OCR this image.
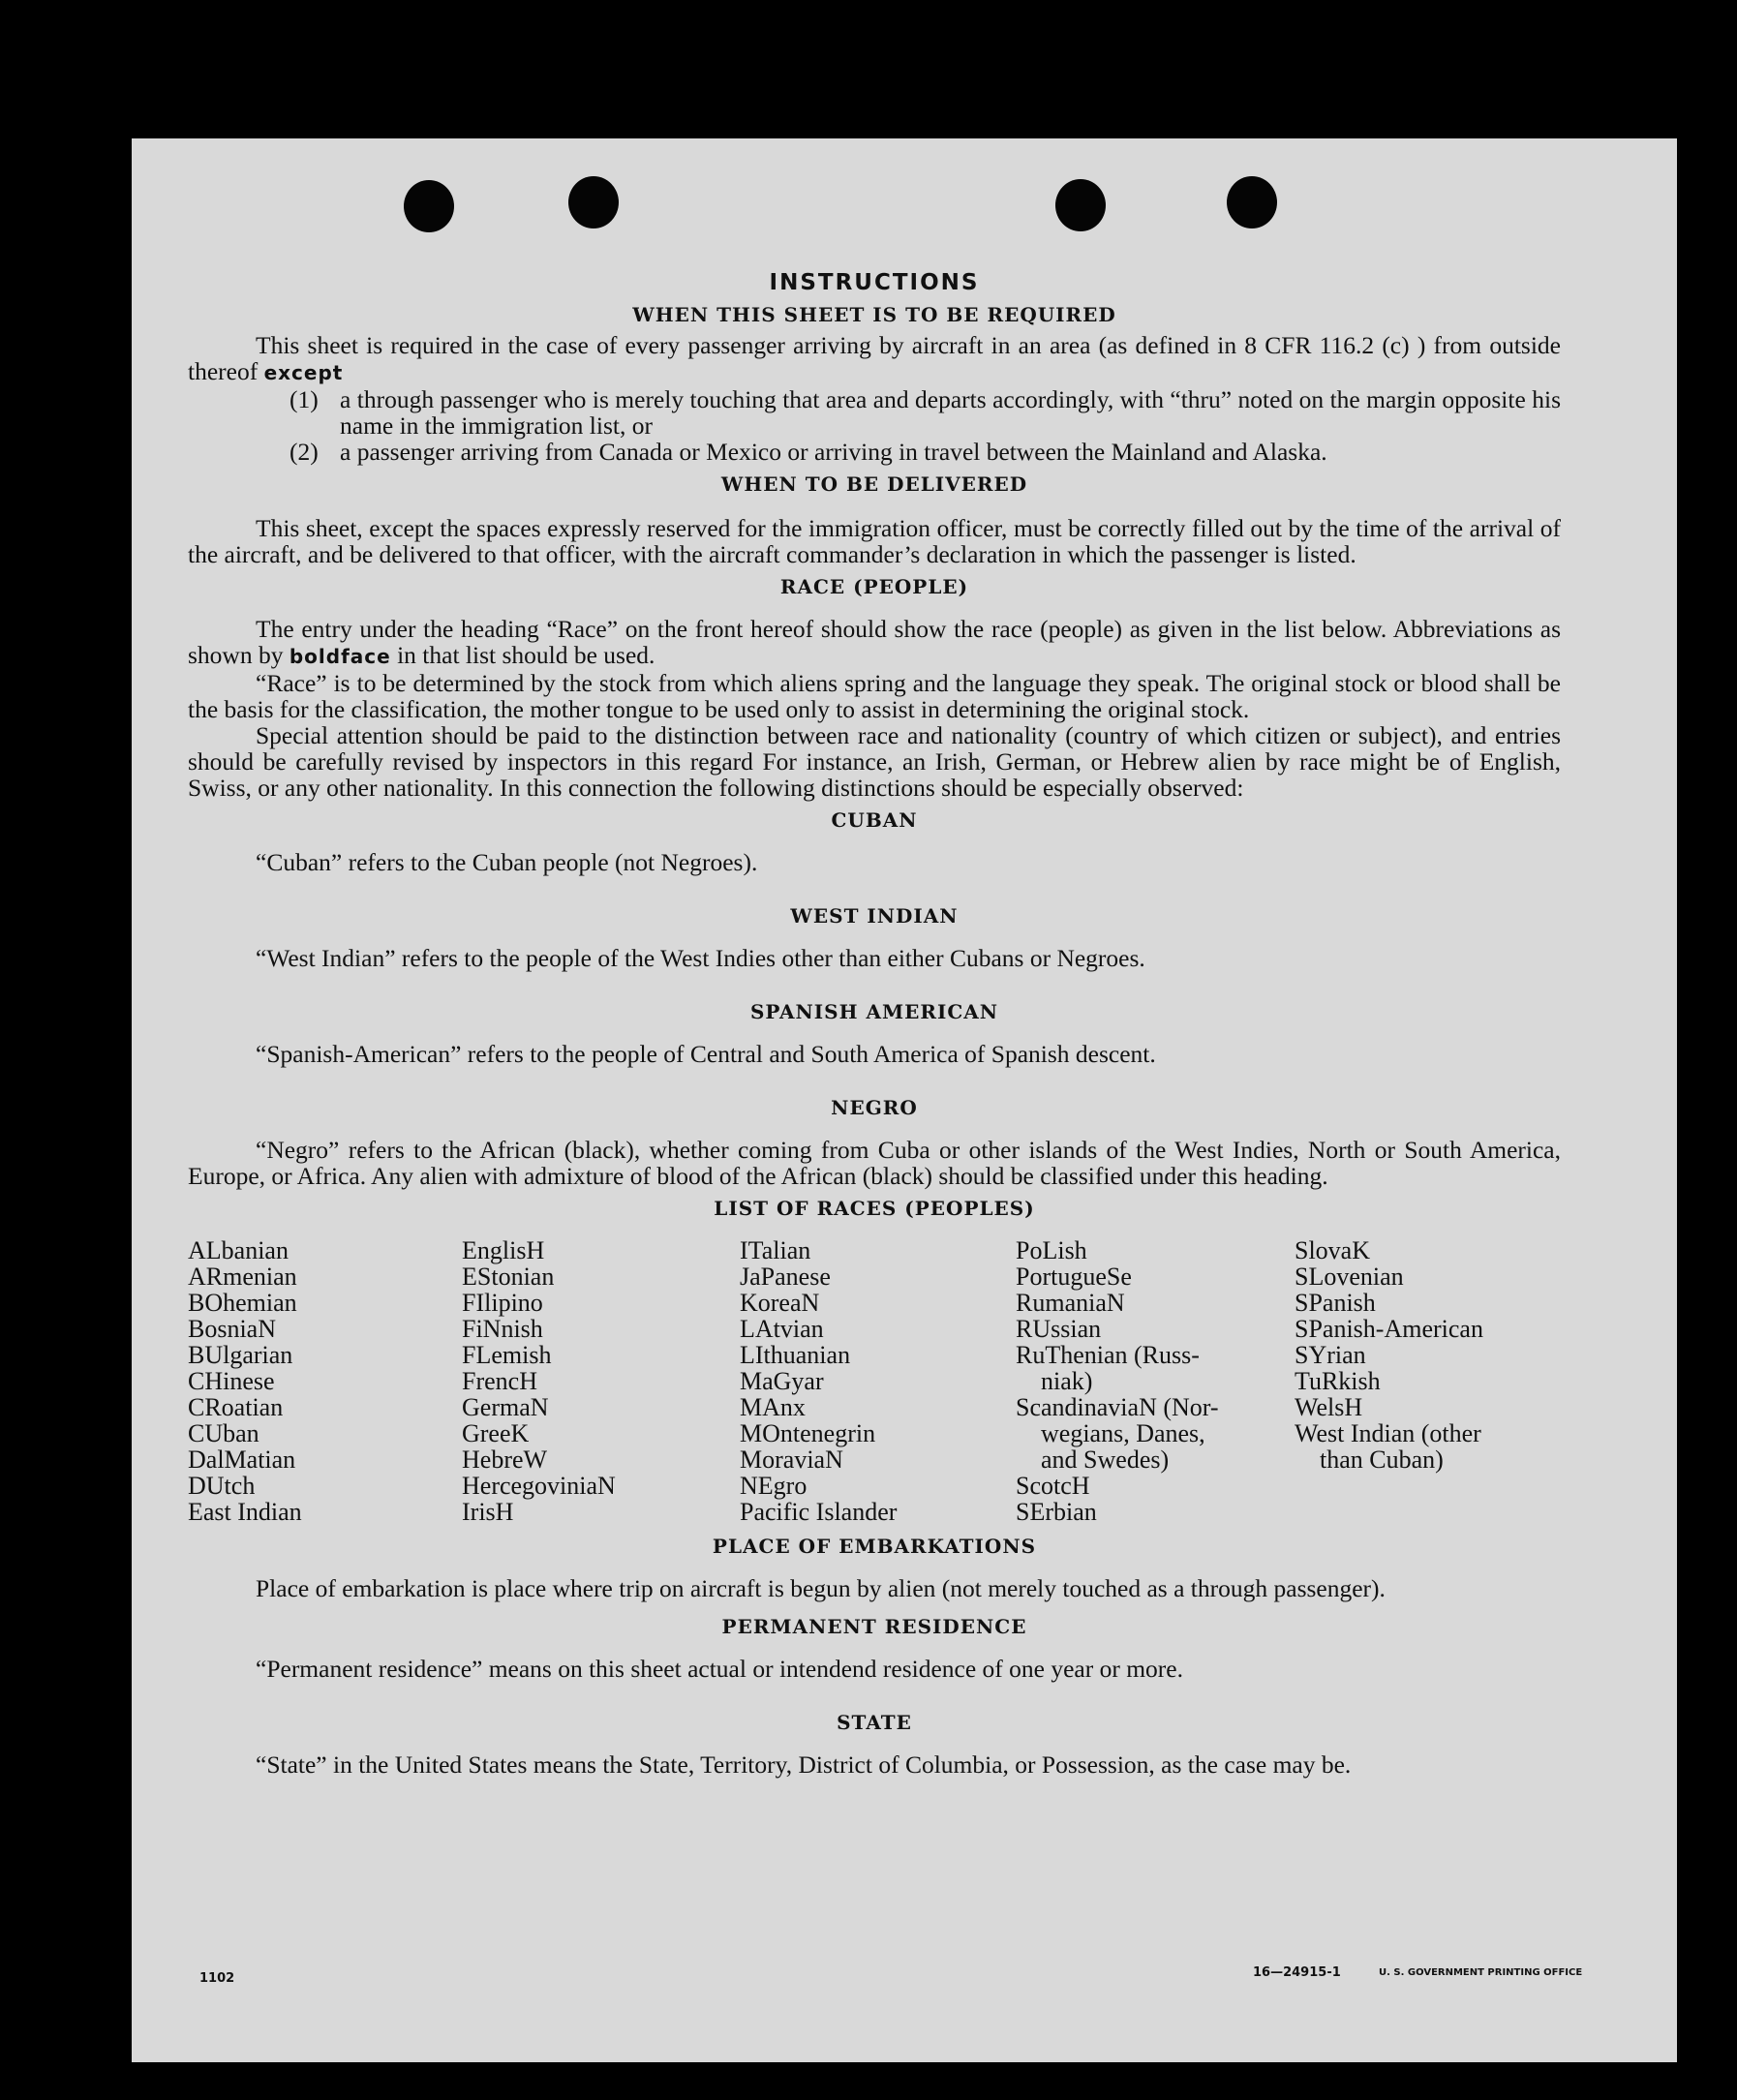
INSTRUCTIONS
WHEN THIS SHEET IS TO BE REQUIRED

This sheet is required in the case of every passenger arriving by aircraft in an area (as defined in 8 CFR 116.2 (c) ) from outside thereof except

(1) a through passenger who is merely touching that area and departs accordingly, with “thru” noted on the margin opposite his name in the immigration list, or
(2) a passenger arriving from Canada or Mexico or arriving in travel between the Mainland and Alaska.
WHEN TO BE DELIVERED

This sheet, except the spaces expressly reserved for the immigration officer, must be correctly filled out by the time of the arrival of the aircraft, and be delivered to that officer, with the aircraft commander’s declaration in which the passenger is listed.

RACE (PEOPLE)

The entry under the heading “Race” on the front hereof should show the race (people) as given in the list below. Abbreviations as shown by boldface in that list should be used.

“Race” is to be determined by the stock from which aliens spring and the language they speak. The original stock or blood shall be the basis for the classification, the mother tongue to be used only to assist in determining the original stock.

Special attention should be paid to the distinction between race and nationality (country of which citizen or subject), and entries should be carefully revised by inspectors in this regard For instance, an Irish, German, or Hebrew alien by race might be of English, Swiss, or any other nationality. In this connection the following distinctions should be especially observed:

CUBAN

“Cuban” refers to the Cuban people (not Negroes).

WEST INDIAN

“West Indian” refers to the people of the West Indies other than either Cubans or Negroes.

SPANISH AMERICAN

“Spanish-American” refers to the people of Central and South America of Spanish descent.

NEGRO

“Negro” refers to the African (black), whether coming from Cuba or other islands of the West Indies, North or South America, Europe, or Africa. Any alien with admixture of blood of the African (black) should be classified under this heading.

LIST OF RACES (PEOPLES)
ALbanian
ARmenian
BOhemian
BosniaN
BUlgarian
CHinese
CRoatian
CUban
DalMatian
DUtch
East Indian
EnglisH
EStonian
FIlipino
FiNnish
FLemish
FrencH
GermaN
GreeK
HebreW
HercegoviniaN
IrisH
ITalian
JaPanese
KoreaN
LAtvian
LIthuanian
MaGyar
MAnx
MOntenegrin
MoraviaN
NEgro
Pacific Islander
PoLish
PortugueSe
RumaniaN
RUssian
RuThenian (Russ-
niak)
ScandinaviaN (Nor-
wegians, Danes,
and Swedes)
ScotcH
SErbian
SlovaK
SLovenian
SPanish
SPanish-American
SYrian
TuRkish
WelsH
West Indian (other
than Cuban)
PLACE OF EMBARKATIONS

Place of embarkation is place where trip on aircraft is begun by alien (not merely touched as a through passenger).

PERMANENT RESIDENCE

“Permanent residence” means on this sheet actual or intendend residence of one year or more.

STATE

“State” in the United States means the State, Territory, District of Columbia, or Possession, as the case may be.

1102	16—24915-1	U. S. GOVERNMENT PRINTING OFFICE
